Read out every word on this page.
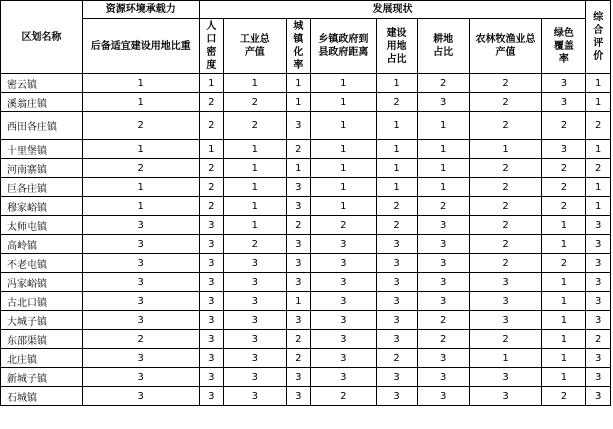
区划名称	资源环境承载力	发展现状								综合评价
	后备适宜建设用地比重	人口密度	工业总产值	城镇化率	乡镇政府到县政府距离	建设用地占比	耕地占比	农林牧渔业总产值	绿色覆盖率	
密云镇	1	1	1	1	1	1	2	2	3	1
溪翁庄镇	1	2	2	1	1	2	3	2	3	1
西田各庄镇	2	2	2	3	1	1	1	2	2	2
十里堡镇	1	1	1	2	1	1	1	1	3	1
河南寨镇	2	2	1	1	1	1	1	2	2	2
巨各庄镇	1	2	1	3	1	1	1	2	2	1
穆家峪镇	1	2	1	3	1	2	2	2	2	1
太师屯镇	3	3	1	2	2	2	3	2	1	3
高岭镇	3	3	2	3	3	3	3	2	1	3
不老屯镇	3	3	3	3	3	3	3	2	2	3
冯家峪镇	3	3	3	3	3	3	3	3	1	3
古北口镇	3	3	3	1	3	3	3	3	1	3
大城子镇	3	3	3	3	3	3	2	3	1	3
东邵渠镇	2	3	3	2	3	3	2	2	1	2
北庄镇	3	3	3	2	3	2	3	1	1	3
新城子镇	3	3	3	3	3	3	3	3	1	3
石城镇	3	3	3	3	2	3	3	3	2	3
